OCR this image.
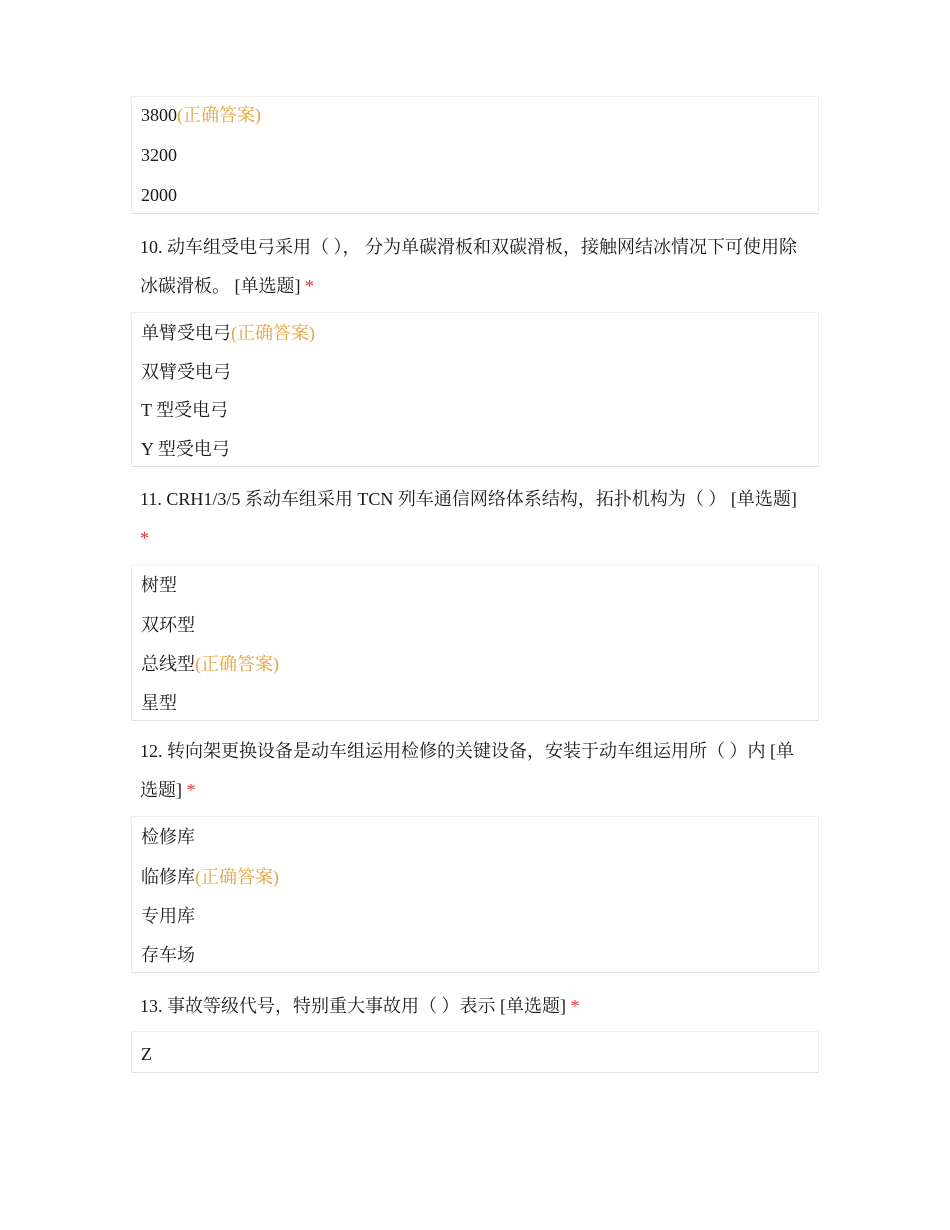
3800(正确答案)
3200
2000
10. 动车组受电弓采用（ ）， 分为单碳滑板和双碳滑板，接触网结冰情况下可使用除冰碳滑板。 [单选题] *
单臂受电弓(正确答案)
双臂受电弓
T 型受电弓
Y 型受电弓
11. CRH1/3/5 系动车组采用 TCN 列车通信网络体系结构，拓扑机构为（ ） [单选题] *
树型
双环型
总线型(正确答案)
星型
12. 转向架更换设备是动车组运用检修的关键设备，安装于动车组运用所（ ）内 [单选题] *
检修库
临修库(正确答案)
专用库
存车场
13. 事故等级代号，特别重大事故用（ ）表示 [单选题] *
Z
